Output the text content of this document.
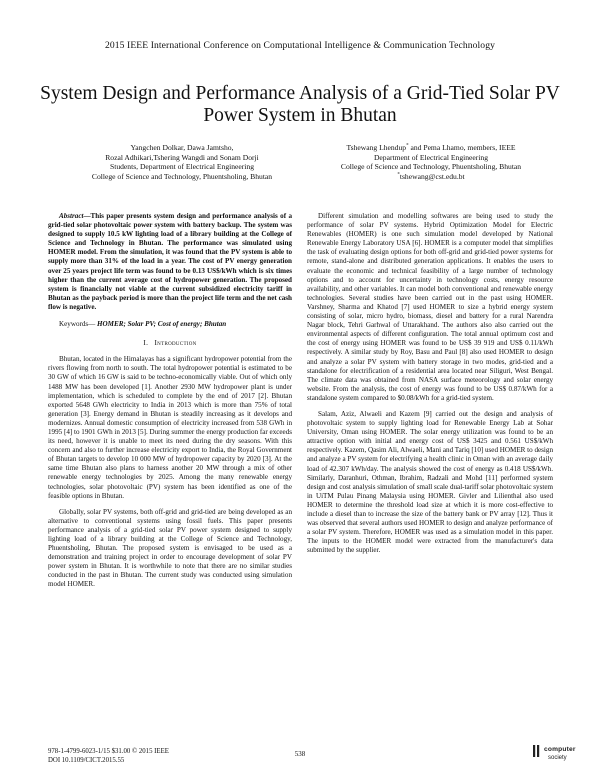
2015 IEEE International Conference on Computational Intelligence & Communication Technology
System Design and Performance Analysis of a Grid-Tied Solar PV Power System in Bhutan
Yangchen Dolkar, Dawa Jamtsho,
Rozal Adhikari,Tshering Wangdi and Sonam Dorji
Students, Department of Electrical Engineering
College of Science and Technology, Phuentsholing, Bhutan
Tshewang Lhendup* and Pema Lhamo, members, IEEE
Department of Electrical Engineering
College of Science and Technology, Phuentsholing, Bhutan
*tshewang@cst.edu.bt

Abstract—This paper presents system design and performance analysis of a grid-tied solar photovoltaic power system with battery backup. The system was designed to supply 10.5 kW lighting load of a library building at the College of Science and Technology in Bhutan. The performance was simulated using HOMER model. From the simulation, it was found that the PV system is able to supply more than 31% of the load in a year. The cost of PV energy generation over 25 years project life term was found to be 0.13 US$/kWh which is six times higher than the current average cost of hydropower generation. The proposed system is financially not viable at the current subsidized electricity tariff in Bhutan as the payback period is more than the project life term and the net cash flow is negative.

Keywords— HOMER; Solar PV; Cost of energy; Bhutan

I. Introduction

Bhutan, located in the Himalayas has a significant hydropower potential from the rivers flowing from north to south. The total hydropower potential is estimated to be 30 GW of which 16 GW is said to be techno-economically viable. Out of which only 1488 MW has been developed [1]. Another 2930 MW hydropower plant is under implementation, which is scheduled to complete by the end of 2017 [2]. Bhutan exported 5648 GWh electricity to India in 2013 which is more than 75% of total generation [3]. Energy demand in Bhutan is steadily increasing as it develops and modernizes. Annual domestic consumption of electricity increased from 538 GWh in 1995 [4] to 1901 GWh in 2013 [5]. During summer the energy production far exceeds its need, however it is unable to meet its need during the dry seasons. With this concern and also to further increase electricity export to India, the Royal Government of Bhutan targets to develop 10 000 MW of hydropower capacity by 2020 [3]. At the same time Bhutan also plans to harness another 20 MW through a mix of other renewable energy technologies by 2025. Among the many renewable energy technologies, solar photovoltaic (PV) system has been identified as one of the feasible options in Bhutan.

Globally, solar PV systems, both off-grid and grid-tied are being developed as an alternative to conventional systems using fossil fuels. This paper presents performance analysis of a grid-tied solar PV power system designed to supply lighting load of a library building at the College of Science and Technology, Phuentsholing, Bhutan. The proposed system is envisaged to be used as a demonstration and training project in order to encourage development of solar PV power system in Bhutan. It is worthwhile to note that there are no similar studies conducted in the past in Bhutan. The current study was conducted using simulation model HOMER.

Different simulation and modelling softwares are being used to study the performance of solar PV systems. Hybrid Optimization Model for Electric Renewables (HOMER) is one such simulation model developed by National Renewable Energy Laboratory USA [6]. HOMER is a computer model that simplifies the task of evaluating design options for both off-grid and grid-tied power systems for remote, stand-alone and distributed generation applications. It enables the users to evaluate the economic and technical feasibility of a large number of technology options and to account for uncertainty in technology costs, energy resource availability, and other variables. It can model both conventional and renewable energy technologies. Several studies have been carried out in the past using HOMER. Varshney, Sharma and Khatod [7] used HOMER to size a hybrid energy system consisting of solar, micro hydro, biomass, diesel and battery for a rural Narendra Nagar block, Tehri Garhwal of Uttarakhand. The authors also also carried out the environmental aspects of different configuration. The total annual optimum cost and the cost of energy using HOMER was found to be US$ 39 919 and US$ 0.11/kWh respectively. A similar study by Roy, Basu and Paul [8] also used HOMER to design and analyze a solar PV system with battery storage in two modes, grid-tied and a standalone for electrification of a residential area located near Siliguri, West Bengal. The climate data was obtained from NASA surface meteorology and solar energy website. From the analysis, the cost of energy was found to be US$ 0.87/kWh for a standalone system compared to $0.08/kWh for a grid-tied system.

Salam, Aziz, Alwaeli and Kazem [9] carried out the design and analysis of photovoltaic system to supply lighting load for Renewable Energy Lab at Sohar University, Oman using HOMER. The solar energy utilization was found to be an attractive option with initial and energy cost of US$ 3425 and 0.561 US$/kWh respectively. Kazem, Qasim Ali, Alwaeli, Mani and Tariq [10] used HOMER to design and analyze a PV system for electrifying a health clinic in Oman with an average daily load of 42.307 kWh/day. The analysis showed the cost of energy as 0.418 US$/kWh. Similarly, Daranhuri, Othman, Ibrahim, Radzali and Mohd [11] performed system design and cost analysis simulation of small scale dual-tariff solar photovoltaic system in UiTM Pulau Pinang Malaysia using HOMER. Givler and Lilienthal also used HOMER to determine the threshold load size at which it is more cost-effective to include a diesel than to increase the size of the battery bank or PV array [12]. Thus it was observed that several authors used HOMER to design and analyze performance of a solar PV system. Therefore, HOMER was used as a simulation model in this paper. The inputs to the HOMER model were extracted from the manufacturer's data submitted by the supplier.

978-1-4799-6023-1/15 $31.00 © 2015 IEEE
DOI 10.1109/CICT.2015.55
538
computer
society
